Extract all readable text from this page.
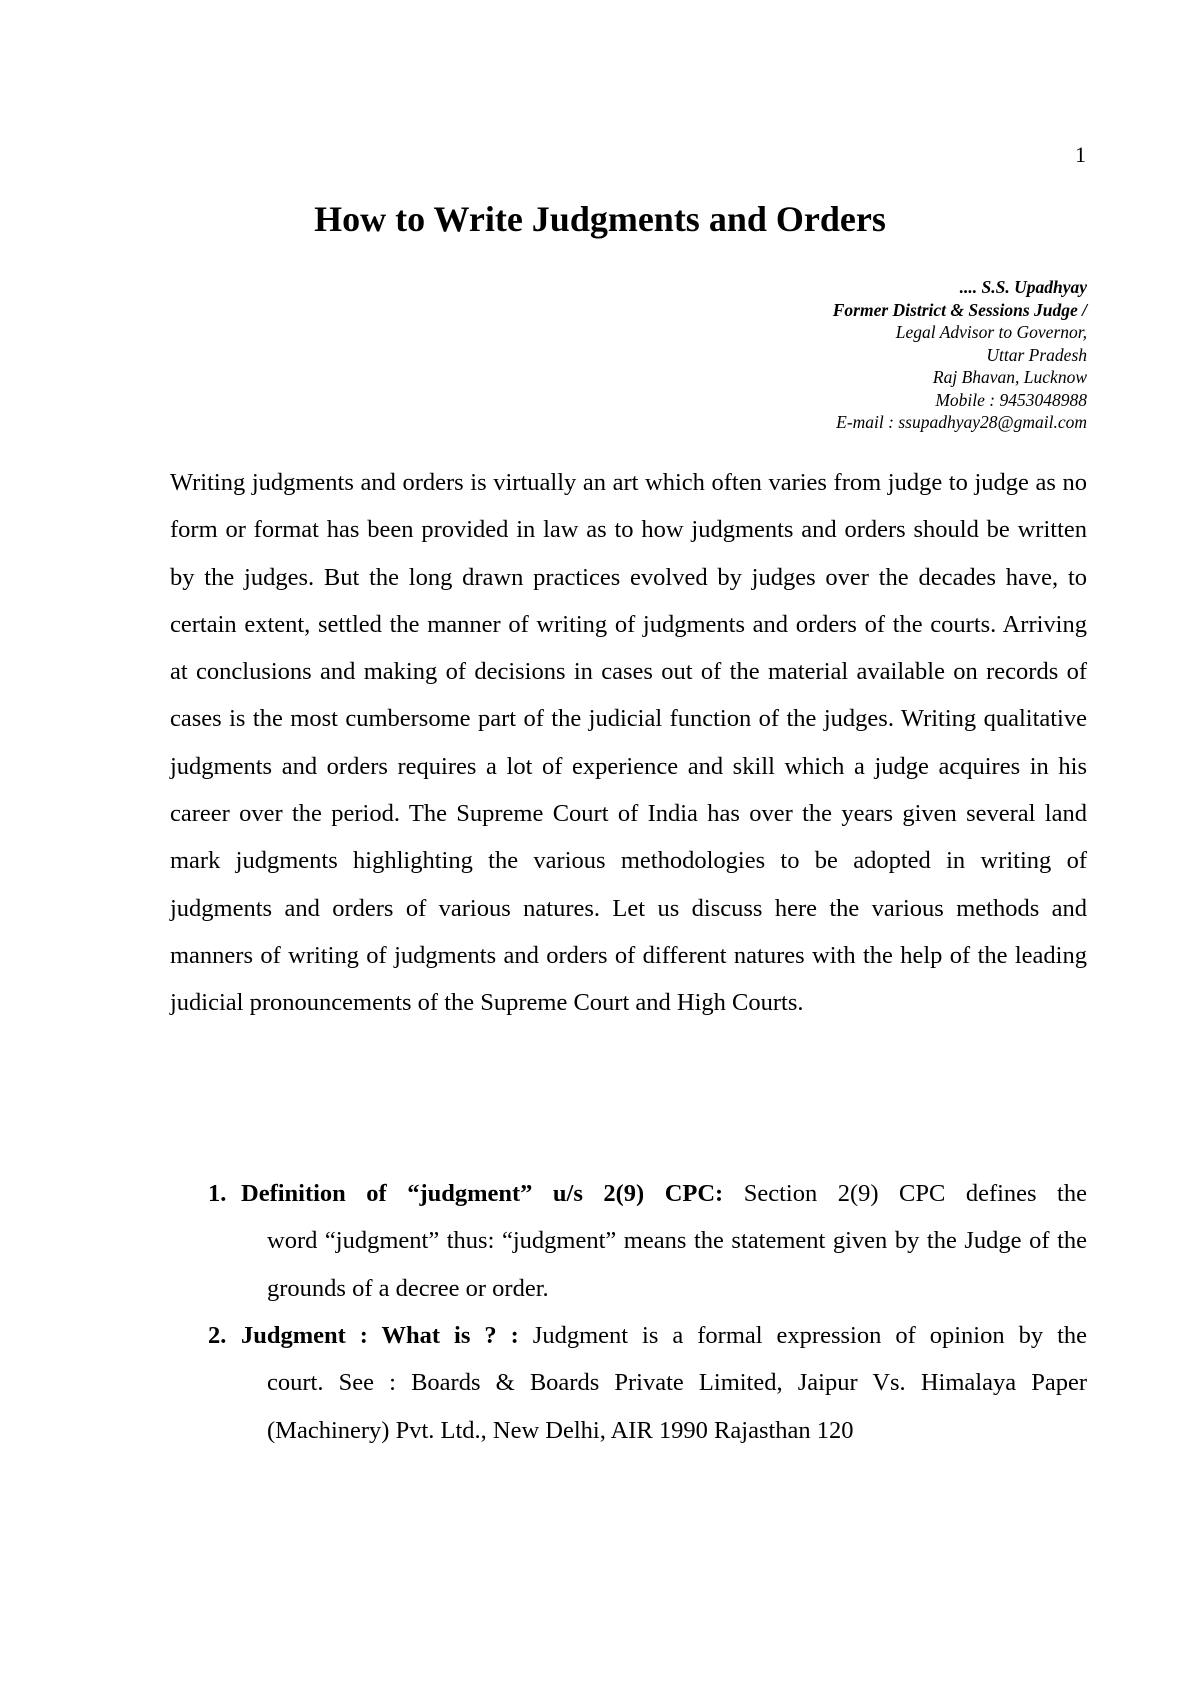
1
How to Write Judgments and Orders
.... S.S. Upadhyay
Former District & Sessions Judge /
Legal Advisor to Governor,
Uttar Pradesh
Raj Bhavan, Lucknow
Mobile : 9453048988
E-mail : ssupadhyay28@gmail.com

Writing judgments and orders is virtually an art which often varies from judge to judge as no form or format has been provided in law as to how judgments and orders should be written by the judges. But the long drawn practices evolved by judges over the decades have, to certain extent, settled the manner of writing of judgments and orders of the courts. Arriving at conclusions and making of decisions in cases out of the material available on records of cases is the most cumbersome part of the judicial function of the judges. Writing qualitative judgments and orders requires a lot of experience and skill which a judge acquires in his career over the period. The Supreme Court of India has over the years given several land mark judgments highlighting the various methodologies to be adopted in writing of judgments and orders of various natures. Let us discuss here the various methods and manners of writing of judgments and orders of different natures with the help of the leading judicial pronouncements of the Supreme Court and High Courts.

1. Definition of “judgment” u/s 2(9) CPC: Section 2(9) CPC defines the
word “judgment” thus: “judgment” means the statement given by the Judge of the grounds of a decree or order.
2. Judgment : What is ? : Judgment is a formal expression of opinion by the
court. See : Boards & Boards Private Limited, Jaipur Vs. Himalaya Paper (Machinery) Pvt. Ltd., New Delhi, AIR 1990 Rajasthan 120
